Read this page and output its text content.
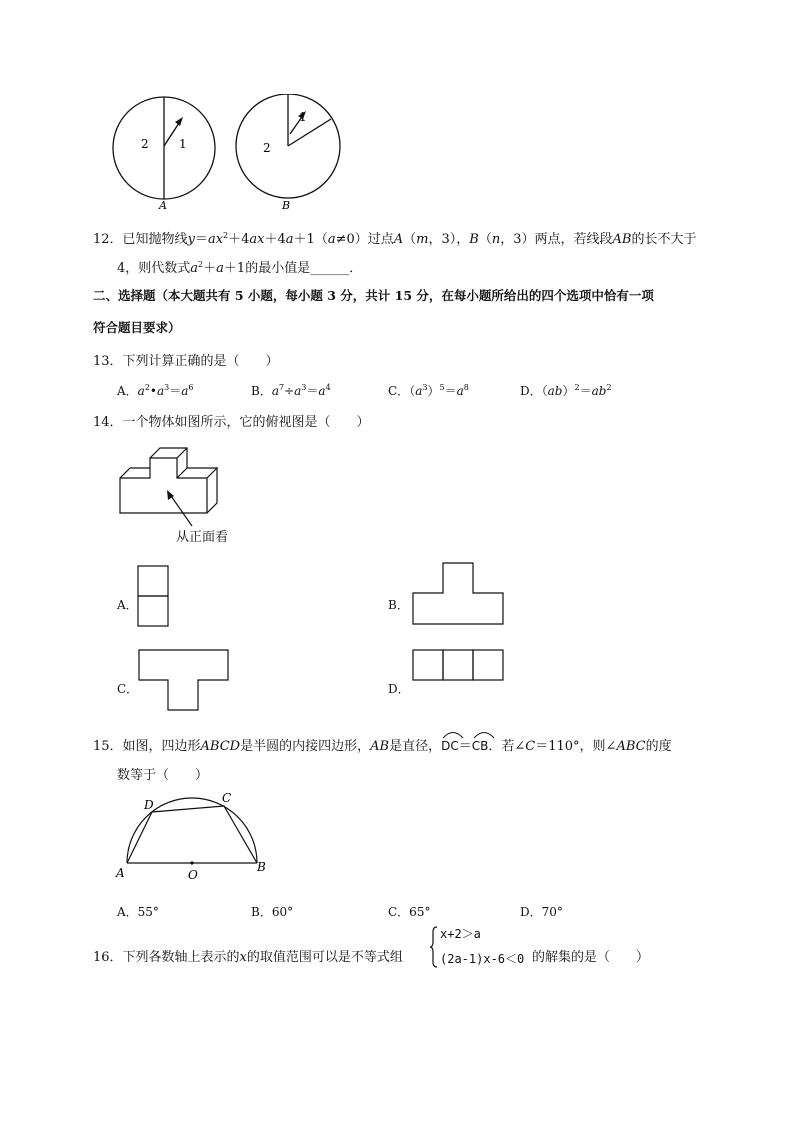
2	1
A
1
2
B
12．已知抛物线$y=ax^2+4ax+4a+1(a\ne 0)$过点A（m，3），B（n，3）两点，若线段AB的长不大于
4，则代数式$a^2+a+1$的最小值是______．
二、选择题（本大题共有 5 小题，每小题 3 分，共计 15 分，在每小题所给出的四个选项中恰有一项
符合题目要求）
13．下列计算正确的是（　　）
A．$a^2•a^3=a^6$	B．$a^7\div a^3=a^4$	C．$(a^3)^5=a^8$	D．$(ab)^2=ab^2$
14．一个物体如图所示，它的俯视图是（　　）
从正面看
A．	B．
C．	D．
15．如图，四边形ABCD是半圆的内接四边形，AB是直径，
DC＝
CB．若∠C＝110°，则∠ABC的度
数等于（　　）
D	C
A	O
B
A．55°	B．60°	C．65°	D．70°
16．下列各数轴上表示的x的取值范围可以是不等式组
x+2＞a
(2a-1)x-6＜0 的解集的是（　　）
